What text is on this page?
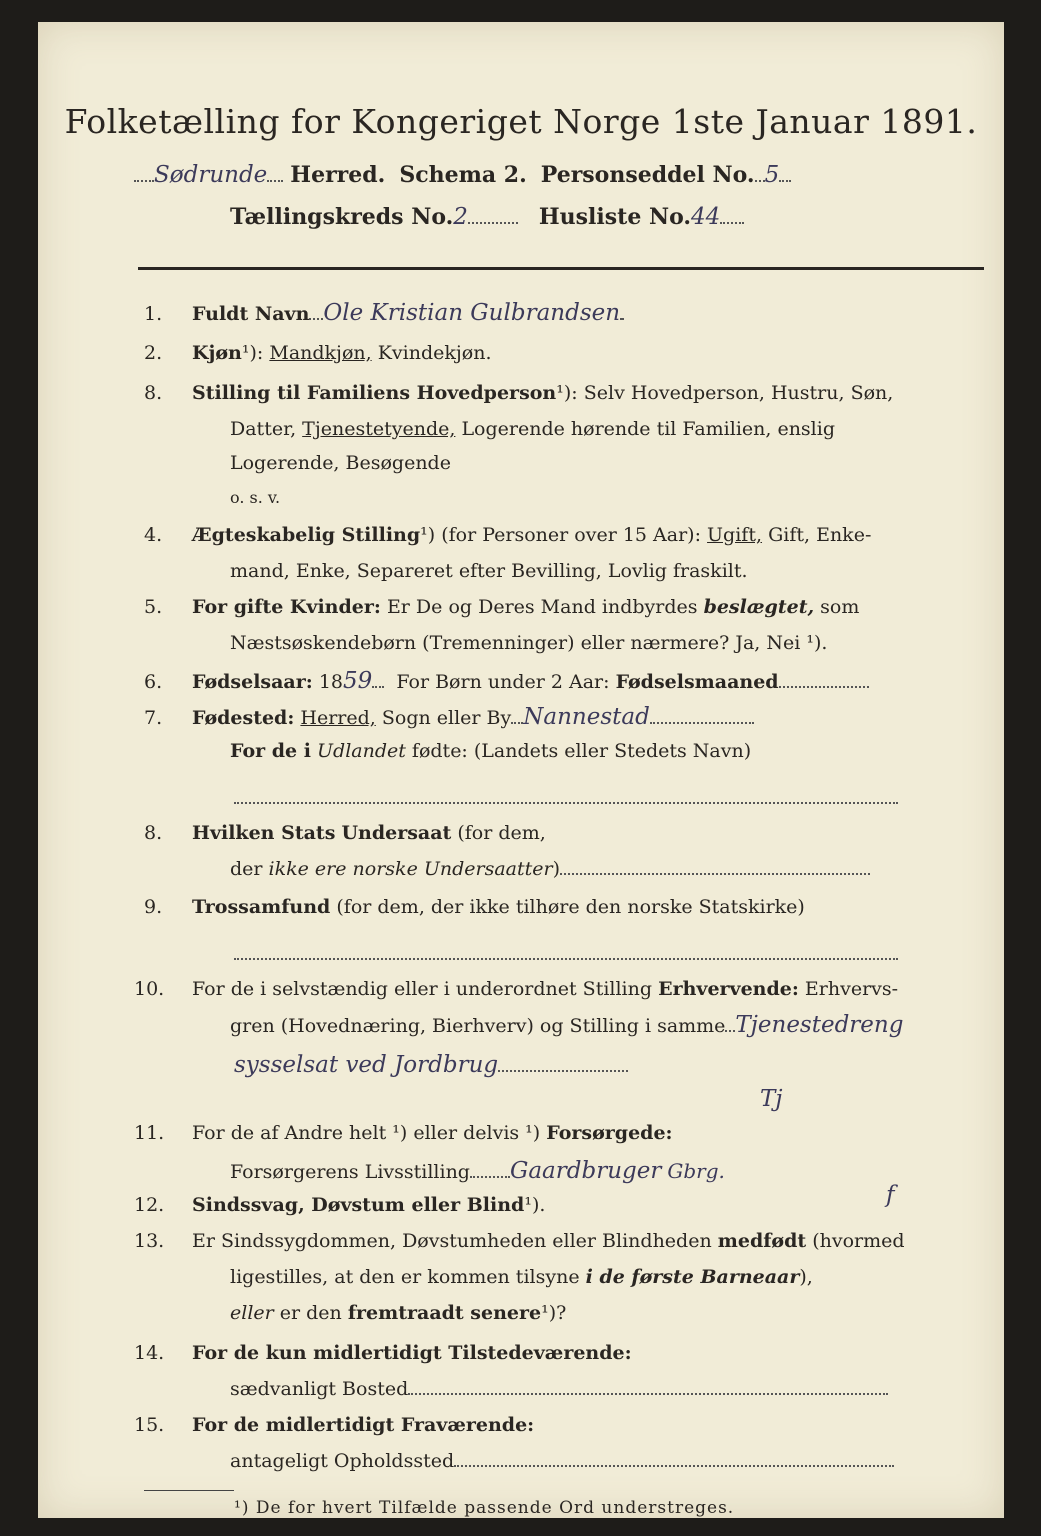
Folketælling for Kongeriget Norge 1ste Januar 1891.
Sødrunde Herred. Schema 2. Personseddel No. 5
Tællingskreds No.2	Husliste No.44
1. Fuldt Navn Ole Kristian Gulbrandsen
2. Kjøn¹): Mandkjøn, Kvindekjøn.
8. Stilling til Familiens Hovedperson¹): Selv Hovedperson, Hustru, Søn,
Datter, Tjenestetyende, Logerende hørende til Familien, enslig
Logerende, Besøgende
o. s. v.
4. Ægteskabelig Stilling¹) (for Personer over 15 Aar): Ugift, Gift, Enke-
mand, Enke, Separeret efter Bevilling, Lovlig fraskilt.
5. For gifte Kvinder: Er De og Deres Mand indbyrdes beslægtet, som
Næstsøskendebørn (Tremenninger) eller nærmere? Ja, Nei ¹).
6. Fødselsaar: 1859 For Børn under 2 Aar: Fødselsmaaned
7. Fødested: Herred, Sogn eller By Nannestad
For de i Udlandet fødte: (Landets eller Stedets Navn)
8. Hvilken Stats Undersaat (for dem,
der ikke ere norske Undersaatter)
9. Trossamfund (for dem, der ikke tilhøre den norske Statskirke)
10. For de i selvstændig eller i underordnet Stilling Erhvervende: Erhvervs-
gren (Hovednæring, Bierhverv) og Stilling i samme Tjenestedreng
sysselsat ved Jordbrug
Tj
11. For de af Andre helt ¹) eller delvis ¹) Forsørgede:
Forsørgerens Livsstilling Gaardbruger Gbrg.
f
12. Sindssvag, Døvstum eller Blind¹).
13. Er Sindssygdommen, Døvstumheden eller Blindheden medfødt (hvormed
ligestilles, at den er kommen tilsyne i de første Barneaar),
eller er den fremtraadt senere¹)?
14. For de kun midlertidigt Tilstedeværende:
sædvanligt Bosted
15. For de midlertidigt Fraværende:
antageligt Opholdssted
¹) De for hvert Tilfælde passende Ord understreges.
